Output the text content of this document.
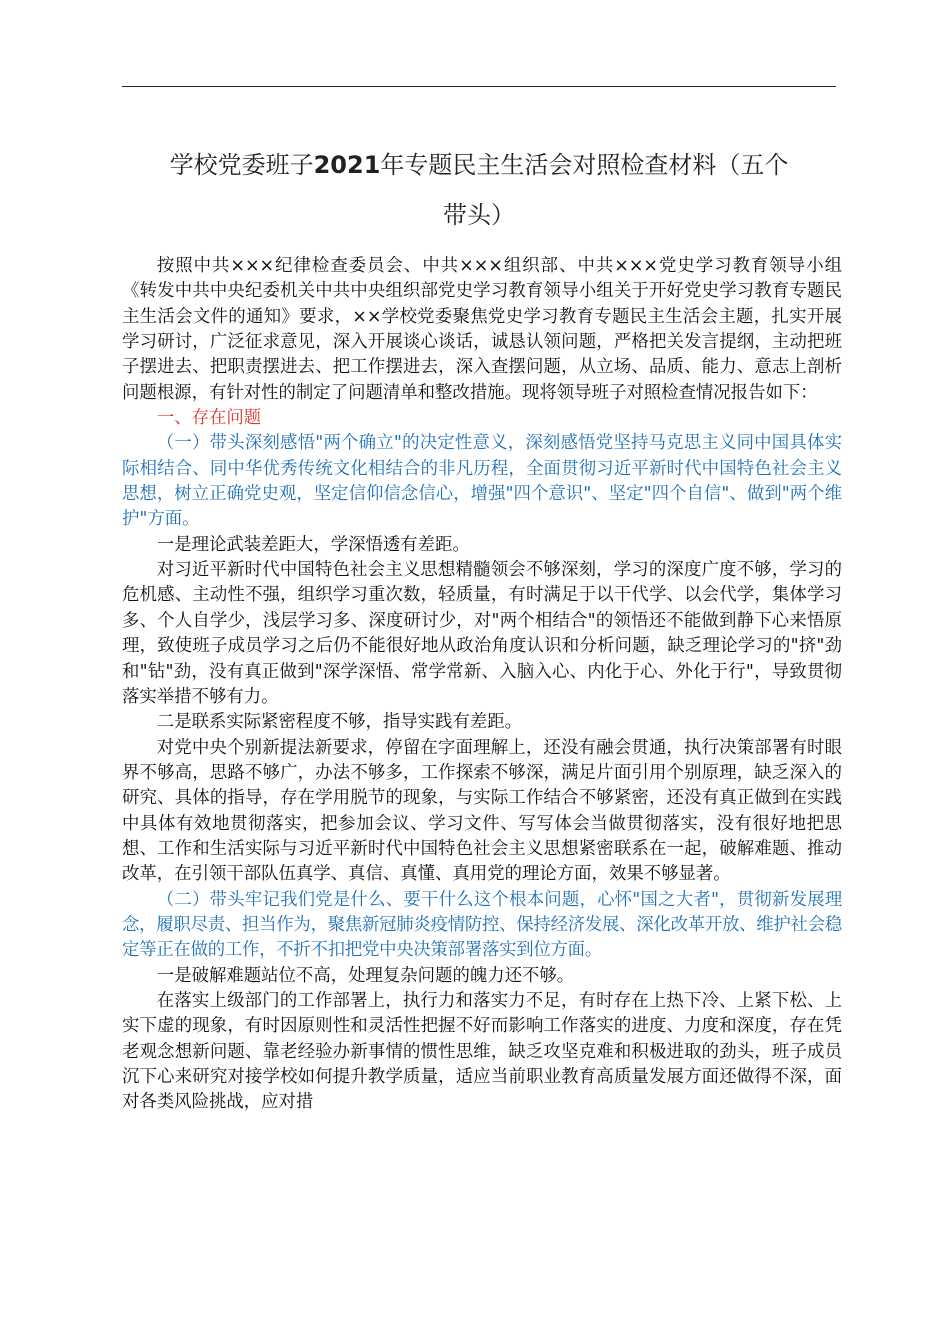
学校党委班子2021年专题民主生活会对照检查材料（五个
带头）

按照中共×××纪律检查委员会、中共×××组织部、中共×××党史学习教育领导小组《转发中共中央纪委机关中共中央组织部党史学习教育领导小组关于开好党史学习教育专题民主生活会文件的通知》要求，××学校党委聚焦党史学习教育专题民主生活会主题，扎实开展学习研讨，广泛征求意见，深入开展谈心谈话，诚恳认领问题，严格把关发言提纲，主动把班子摆进去、把职责摆进去、把工作摆进去，深入查摆问题，从立场、品质、能力、意志上剖析问题根源，有针对性的制定了问题清单和整改措施。现将领导班子对照检查情况报告如下：

一、存在问题

（一）带头深刻感悟"两个确立"的决定性意义，深刻感悟党坚持马克思主义同中国具体实际相结合、同中华优秀传统文化相结合的非凡历程，全面贯彻习近平新时代中国特色社会主义思想，树立正确党史观，坚定信仰信念信心，增强"四个意识"、坚定"四个自信"、做到"两个维护"方面。

一是理论武装差距大，学深悟透有差距。

对习近平新时代中国特色社会主义思想精髓领会不够深刻，学习的深度广度不够，学习的危机感、主动性不强，组织学习重次数，轻质量，有时满足于以干代学、以会代学，集体学习多、个人自学少，浅层学习多、深度研讨少，对"两个相结合"的领悟还不能做到静下心来悟原理，致使班子成员学习之后仍不能很好地从政治角度认识和分析问题，缺乏理论学习的"挤"劲和"钻"劲，没有真正做到"深学深悟、常学常新、入脑入心、内化于心、外化于行"，导致贯彻落实举措不够有力。

二是联系实际紧密程度不够，指导实践有差距。

对党中央个别新提法新要求，停留在字面理解上，还没有融会贯通，执行决策部署有时眼界不够高，思路不够广，办法不够多，工作探索不够深，满足片面引用个别原理，缺乏深入的研究、具体的指导，存在学用脱节的现象，与实际工作结合不够紧密，还没有真正做到在实践中具体有效地贯彻落实，把参加会议、学习文件、写写体会当做贯彻落实，没有很好地把思想、工作和生活实际与习近平新时代中国特色社会主义思想紧密联系在一起，破解难题、推动改革，在引领干部队伍真学、真信、真懂、真用党的理论方面，效果不够显著。

（二）带头牢记我们党是什么、要干什么这个根本问题，心怀"国之大者"，贯彻新发展理念，履职尽责、担当作为，聚焦新冠肺炎疫情防控、保持经济发展、深化改革开放、维护社会稳定等正在做的工作，不折不扣把党中央决策部署落实到位方面。

一是破解难题站位不高，处理复杂问题的魄力还不够。

在落实上级部门的工作部署上，执行力和落实力不足，有时存在上热下冷、上紧下松、上实下虚的现象，有时因原则性和灵活性把握不好而影响工作落实的进度、力度和深度，存在凭老观念想新问题、靠老经验办新事情的惯性思维，缺乏攻坚克难和积极进取的劲头，班子成员沉下心来研究对接学校如何提升教学质量，适应当前职业教育高质量发展方面还做得不深，面对各类风险挑战，应对措
